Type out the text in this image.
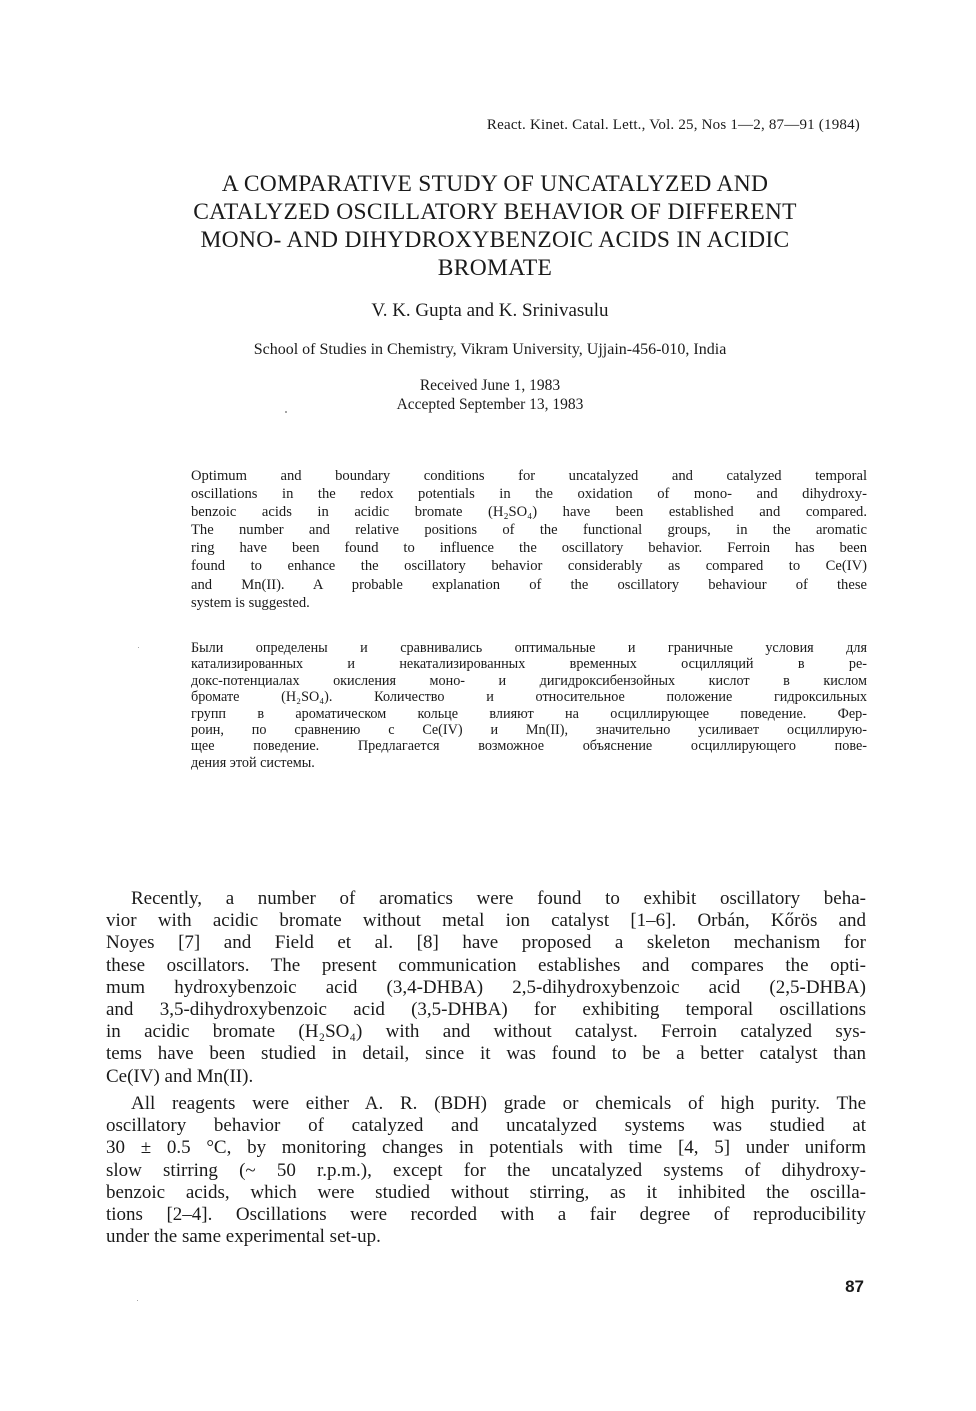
React. Kinet. Catal. Lett., Vol. 25, Nos 1—2, 87—91 (1984)
A COMPARATIVE STUDY OF UNCATALYZED AND
CATALYZED OSCILLATORY BEHAVIOR OF DIFFERENT
MONO- AND DIHYDROXYBENZOIC ACIDS IN ACIDIC
BROMATE
V. K. Gupta and K. Srinivasulu
School of Studies in Chemistry, Vikram University, Ujjain-456-010, India
Received June 1, 1983
Accepted September 13, 1983
Optimum and boundary conditions for uncatalyzed and catalyzed temporal
oscillations in the redox potentials in the oxidation of mono- and dihydroxy-
benzoic acids in acidic bromate (H₂SO₄) have been established and compared.
The number and relative positions of the functional groups, in the aromatic
ring have been found to influence the oscillatory behavior. Ferroin has been
found to enhance the oscillatory behavior considerably as compared to Ce(IV)
and Mn(II). A probable explanation of the oscillatory behaviour of these
system is suggested.
Были определены и сравнивались оптимальные и граничные условия для
катализированных и некатализированных временных осцилляций в ре-
докс-потенциалах окисления моно- и дигидроксибензойных кислот в кислом
бромате (H₂SO₄). Количество и относительное положение гидроксильных
групп в ароматическом кольце влияют на осциллирующее поведение. Фер-
роин, по сравнению с Ce(IV) и Mn(II), значительно усиливает осциллирую-
щее поведение. Предлагается возможное объяснение осциллирующего пове-
дения этой системы.
Recently, a number of aromatics were found to exhibit oscillatory beha-
vior with acidic bromate without metal ion catalyst [1–6]. Orbán, Kőrös and
Noyes [7] and Field et al. [8] have proposed a skeleton mechanism for
these oscillators. The present communication establishes and compares the opti-
mum hydroxybenzoic acid (3,4-DHBA) 2,5-dihydroxybenzoic acid (2,5-DHBA)
and 3,5-dihydroxybenzoic acid (3,5-DHBA) for exhibiting temporal oscillations
in acidic bromate (H₂SO₄) with and without catalyst. Ferroin catalyzed sys-
tems have been studied in detail, since it was found to be a better catalyst than
Ce(IV) and Mn(II).
All reagents were either A. R. (BDH) grade or chemicals of high purity. The
oscillatory behavior of catalyzed and uncatalyzed systems was studied at
30 ± 0.5 °C, by monitoring changes in potentials with time [4, 5] under uniform
slow stirring (~ 50 r.p.m.), except for the uncatalyzed systems of dihydroxy-
benzoic acids, which were studied without stirring, as it inhibited the oscilla-
tions [2–4]. Oscillations were recorded with a fair degree of reproducibility
under the same experimental set-up.
87
